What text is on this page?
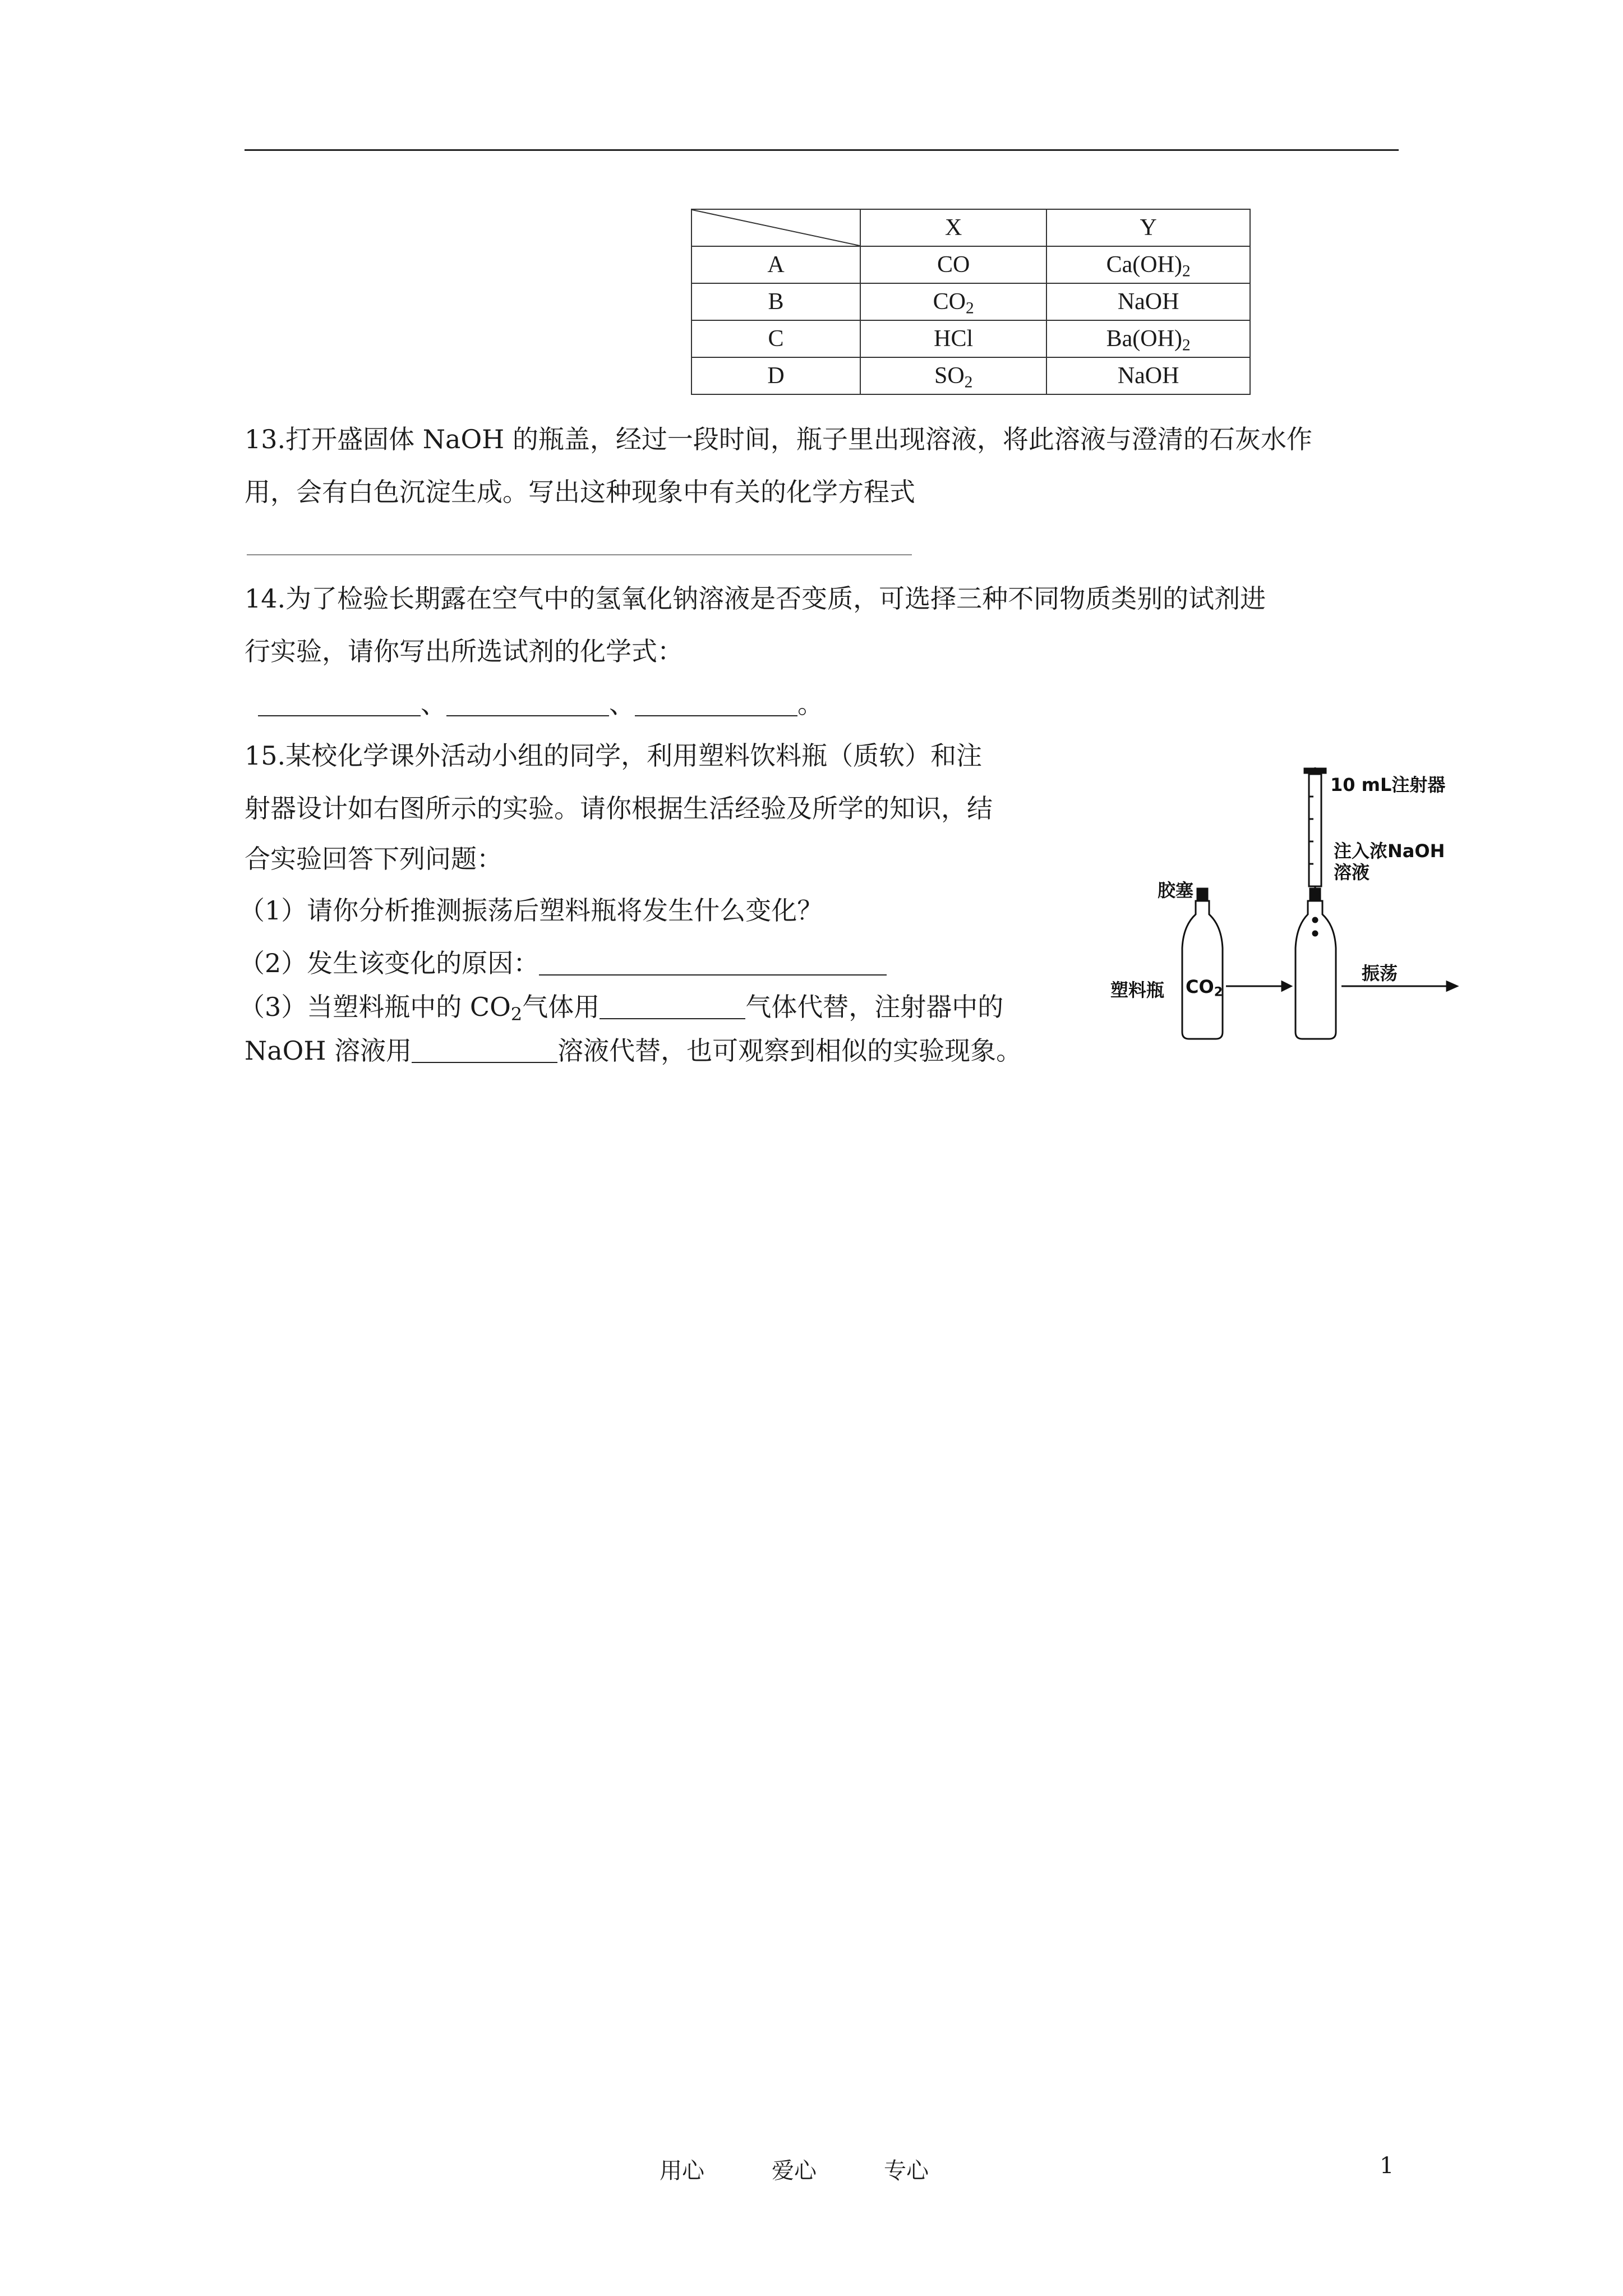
	X	Y
A	CO	$Ca(OH)_2$
B	$CO_2$	NaOH
C	HCl	$Ba(OH)_2$
D	$SO_2$	NaOH
13.打开盛固体 NaOH 的瓶盖，经过一段时间，瓶子里出现溶液，将此溶液与澄清的石灰水作
用，会有白色沉淀生成。写出这种现象中有关的化学方程式
14.为了检验长期露在空气中的氢氧化钠溶液是否变质，可选择三种不同物质类别的试剂进
行实验，请你写出所选试剂的化学式：
、	、	。
15.某校化学课外活动小组的同学，利用塑料饮料瓶（质软）和注
射器设计如右图所示的实验。请你根据生活经验及所学的知识，结
合实验回答下列问题：
（1）请你分析推测振荡后塑料瓶将发生什么变化？
（2）发生该变化的原因：
（3）当塑料瓶中的 $CO_2$气体用	气体代替，注射器中的
NaOH 溶液用	溶液代替，也可观察到相似的实验现象。
10 mL注射器
注入浓NaOH
溶液
胶塞
塑料瓶 $CO_2$
振荡
用心	爱心	专心	1
